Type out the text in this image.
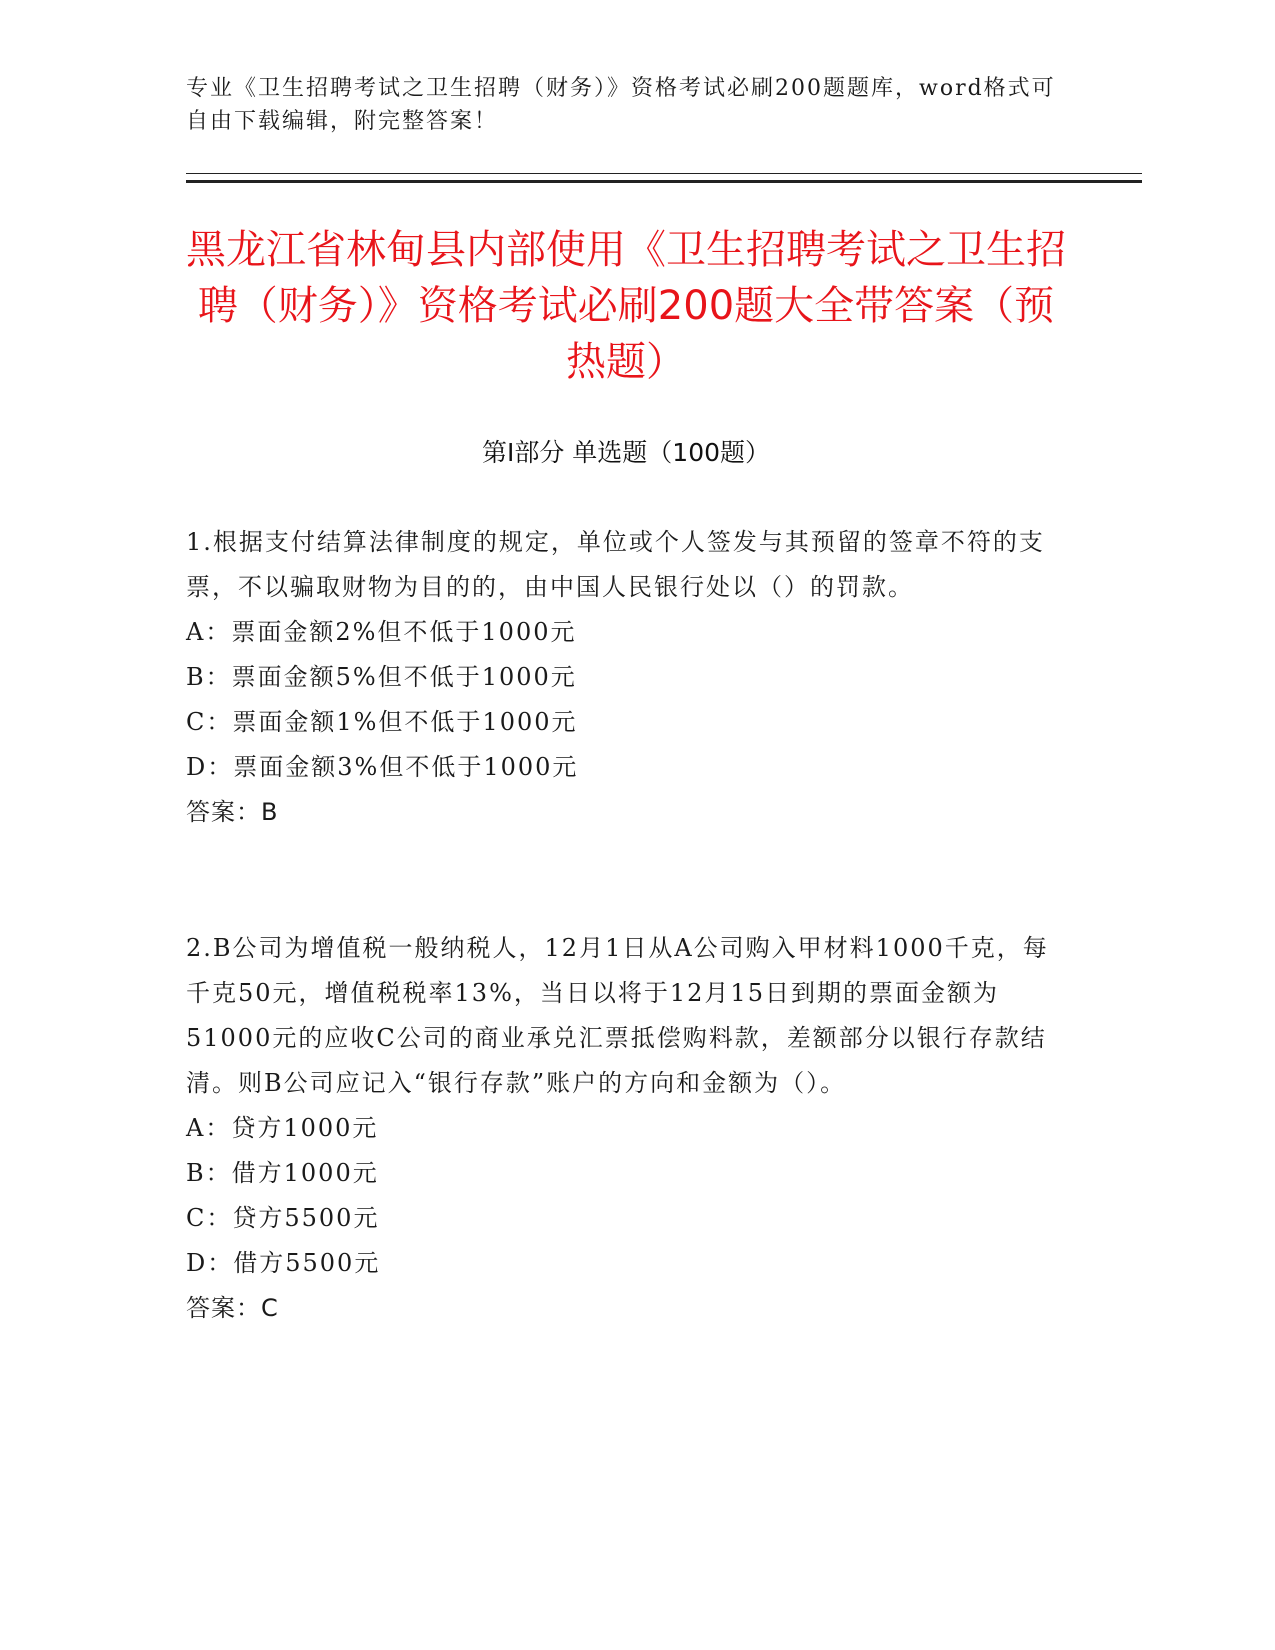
专业《卫生招聘考试之卫生招聘（财务）》资格考试必刷200题题库，word格式可自由下载编辑，附完整答案！
黑龙江省林甸县内部使用《卫生招聘考试之卫生招聘（财务）》资格考试必刷200题大全带答案（预热题）
第I部分 单选题（100题）

1.根据支付结算法律制度的规定，单位或个人签发与其预留的签章不符的支票，不以骗取财物为目的的，由中国人民银行处以（）的罚款。

A：票面金额2%但不低于1000元

B：票面金额5%但不低于1000元

C：票面金额1%但不低于1000元

D：票面金额3%但不低于1000元

答案：B

2.B公司为增值税一般纳税人，12月1日从A公司购入甲材料1000千克，每千克50元，增值税税率13%，当日以将于12月15日到期的票面金额为51000元的应收C公司的商业承兑汇票抵偿购料款，差额部分以银行存款结清。则B公司应记入“银行存款”账户的方向和金额为（）。

A：贷方1000元

B：借方1000元

C：贷方5500元

D：借方5500元

答案：C
